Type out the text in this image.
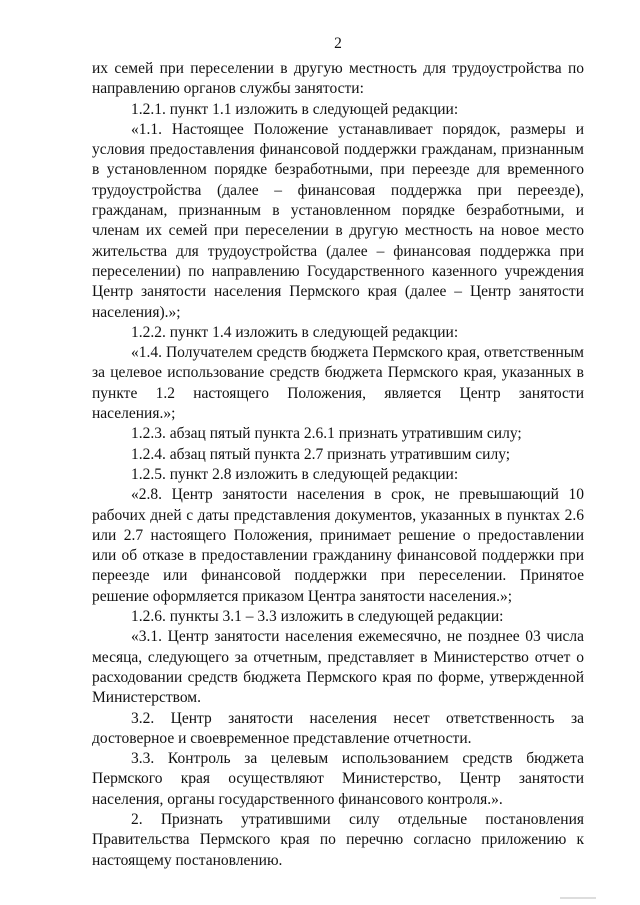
2

их семей при переселении в другую местность для трудоустройства по направлению органов службы занятости:

1.2.1. пункт 1.1 изложить в следующей редакции:

«1.1. Настоящее Положение устанавливает порядок, размеры и условия предоставления финансовой поддержки гражданам, признанным в установленном порядке безработными, при переезде для временного трудоустройства (далее – финансовая поддержка при переезде), гражданам, признанным в установленном порядке безработными, и членам их семей при переселении в другую местность на новое место жительства для трудоустройства (далее – финансовая поддержка при переселении) по направлению Государственного казенного учреждения Центр занятости населения Пермского края (далее – Центр занятости населения).»;

1.2.2. пункт 1.4 изложить в следующей редакции:

«1.4. Получателем средств бюджета Пермского края, ответственным за целевое использование средств бюджета Пермского края, указанных в пункте 1.2 настоящего Положения, является Центр занятости населения.»;

1.2.3. абзац пятый пункта 2.6.1 признать утратившим силу;

1.2.4. абзац пятый пункта 2.7 признать утратившим силу;

1.2.5. пункт 2.8 изложить в следующей редакции:

«2.8. Центр занятости населения в срок, не превышающий 10 рабочих дней с даты представления документов, указанных в пунктах 2.6 или 2.7 настоящего Положения, принимает решение о предоставлении или об отказе в предоставлении гражданину финансовой поддержки при переезде или финансовой поддержки при переселении. Принятое решение оформляется приказом Центра занятости населения.»;

1.2.6. пункты 3.1 – 3.3 изложить в следующей редакции:

«3.1. Центр занятости населения ежемесячно, не позднее 03 числа месяца, следующего за отчетным, представляет в Министерство отчет о расходовании средств бюджета Пермского края по форме, утвержденной Министерством.

3.2. Центр занятости населения несет ответственность за достоверное и своевременное представление отчетности.

3.3. Контроль за целевым использованием средств бюджета Пермского края осуществляют Министерство, Центр занятости населения, органы государственного финансового контроля.».

2. Признать утратившими силу отдельные постановления Правительства Пермского края по перечню согласно приложению к настоящему постановлению.
